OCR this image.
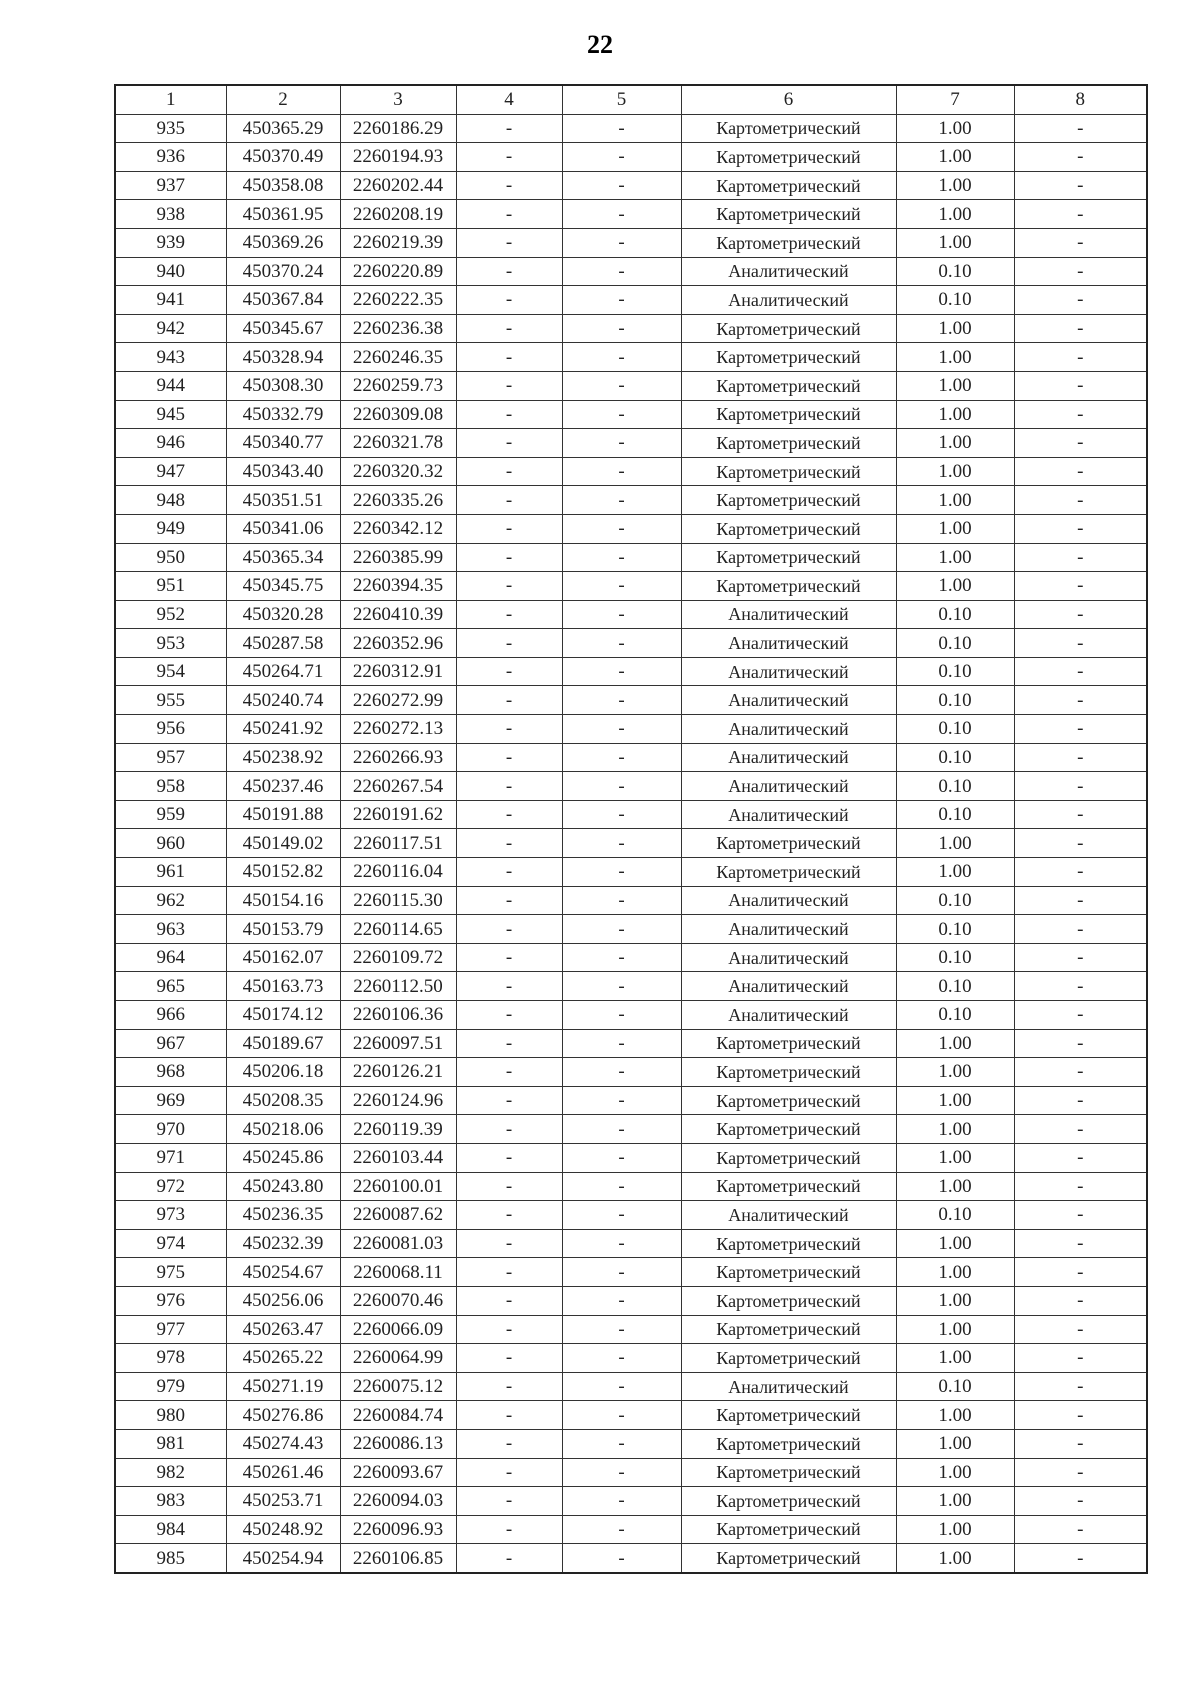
22
1	2	3	4	5	6	7	8
935	450365.29	2260186.29	-	-	Картометрический	1.00	-
936	450370.49	2260194.93	-	-	Картометрический	1.00	-
937	450358.08	2260202.44	-	-	Картометрический	1.00	-
938	450361.95	2260208.19	-	-	Картометрический	1.00	-
939	450369.26	2260219.39	-	-	Картометрический	1.00	-
940	450370.24	2260220.89	-	-	Аналитический	0.10	-
941	450367.84	2260222.35	-	-	Аналитический	0.10	-
942	450345.67	2260236.38	-	-	Картометрический	1.00	-
943	450328.94	2260246.35	-	-	Картометрический	1.00	-
944	450308.30	2260259.73	-	-	Картометрический	1.00	-
945	450332.79	2260309.08	-	-	Картометрический	1.00	-
946	450340.77	2260321.78	-	-	Картометрический	1.00	-
947	450343.40	2260320.32	-	-	Картометрический	1.00	-
948	450351.51	2260335.26	-	-	Картометрический	1.00	-
949	450341.06	2260342.12	-	-	Картометрический	1.00	-
950	450365.34	2260385.99	-	-	Картометрический	1.00	-
951	450345.75	2260394.35	-	-	Картометрический	1.00	-
952	450320.28	2260410.39	-	-	Аналитический	0.10	-
953	450287.58	2260352.96	-	-	Аналитический	0.10	-
954	450264.71	2260312.91	-	-	Аналитический	0.10	-
955	450240.74	2260272.99	-	-	Аналитический	0.10	-
956	450241.92	2260272.13	-	-	Аналитический	0.10	-
957	450238.92	2260266.93	-	-	Аналитический	0.10	-
958	450237.46	2260267.54	-	-	Аналитический	0.10	-
959	450191.88	2260191.62	-	-	Аналитический	0.10	-
960	450149.02	2260117.51	-	-	Картометрический	1.00	-
961	450152.82	2260116.04	-	-	Картометрический	1.00	-
962	450154.16	2260115.30	-	-	Аналитический	0.10	-
963	450153.79	2260114.65	-	-	Аналитический	0.10	-
964	450162.07	2260109.72	-	-	Аналитический	0.10	-
965	450163.73	2260112.50	-	-	Аналитический	0.10	-
966	450174.12	2260106.36	-	-	Аналитический	0.10	-
967	450189.67	2260097.51	-	-	Картометрический	1.00	-
968	450206.18	2260126.21	-	-	Картометрический	1.00	-
969	450208.35	2260124.96	-	-	Картометрический	1.00	-
970	450218.06	2260119.39	-	-	Картометрический	1.00	-
971	450245.86	2260103.44	-	-	Картометрический	1.00	-
972	450243.80	2260100.01	-	-	Картометрический	1.00	-
973	450236.35	2260087.62	-	-	Аналитический	0.10	-
974	450232.39	2260081.03	-	-	Картометрический	1.00	-
975	450254.67	2260068.11	-	-	Картометрический	1.00	-
976	450256.06	2260070.46	-	-	Картометрический	1.00	-
977	450263.47	2260066.09	-	-	Картометрический	1.00	-
978	450265.22	2260064.99	-	-	Картометрический	1.00	-
979	450271.19	2260075.12	-	-	Аналитический	0.10	-
980	450276.86	2260084.74	-	-	Картометрический	1.00	-
981	450274.43	2260086.13	-	-	Картометрический	1.00	-
982	450261.46	2260093.67	-	-	Картометрический	1.00	-
983	450253.71	2260094.03	-	-	Картометрический	1.00	-
984	450248.92	2260096.93	-	-	Картометрический	1.00	-
985	450254.94	2260106.85	-	-	Картометрический	1.00	-
